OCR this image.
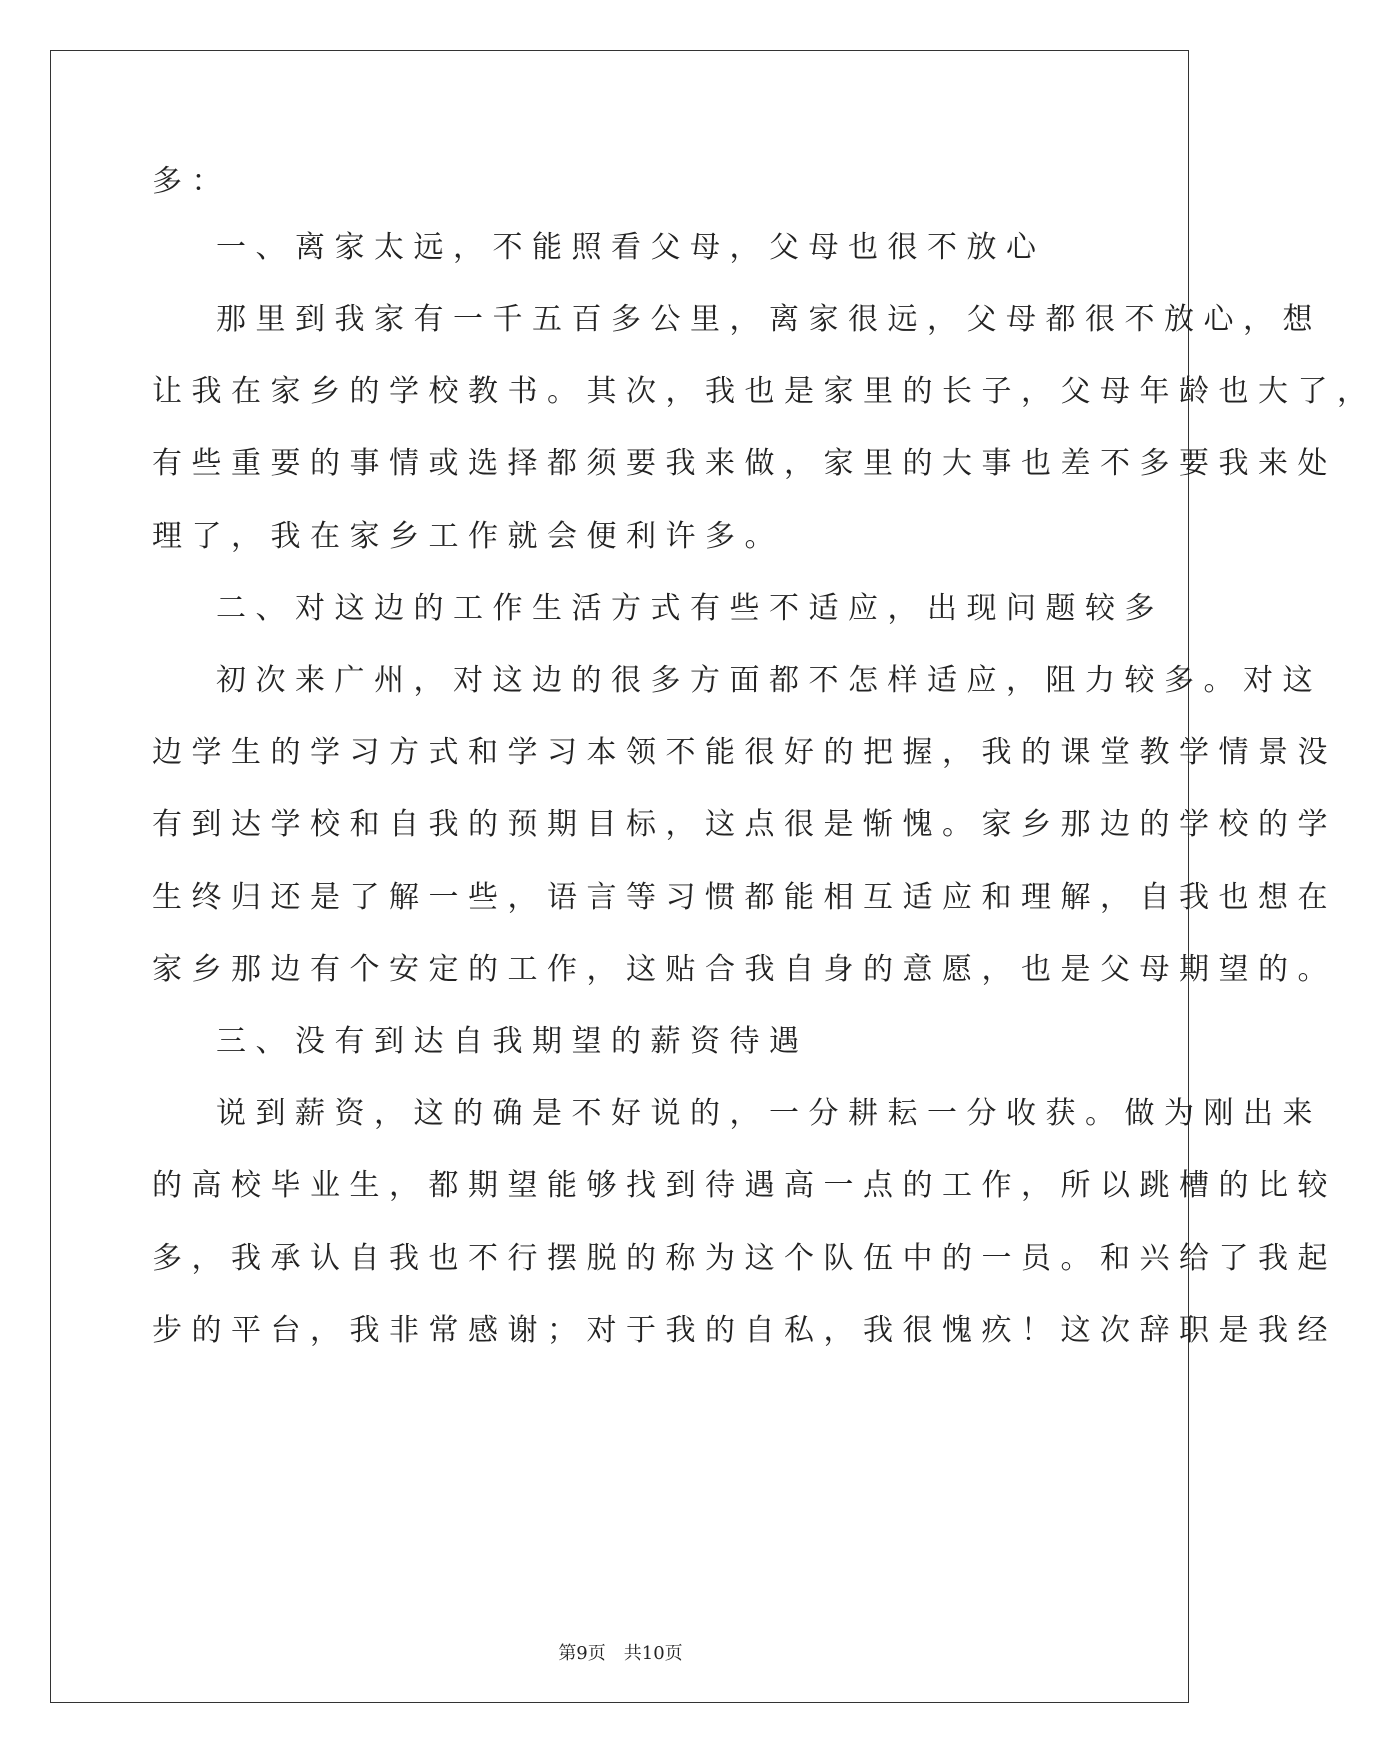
多：
一、离家太远，不能照看父母，父母也很不放心
那里到我家有一千五百多公里，离家很远，父母都很不放心，想
让我在家乡的学校教书。其次，我也是家里的长子，父母年龄也大了，
有些重要的事情或选择都须要我来做，家里的大事也差不多要我来处
理了，我在家乡工作就会便利许多。
二、对这边的工作生活方式有些不适应，出现问题较多
初次来广州，对这边的很多方面都不怎样适应，阻力较多。对这
边学生的学习方式和学习本领不能很好的把握，我的课堂教学情景没
有到达学校和自我的预期目标，这点很是惭愧。家乡那边的学校的学
生终归还是了解一些，语言等习惯都能相互适应和理解，自我也想在
家乡那边有个安定的工作，这贴合我自身的意愿，也是父母期望的。
三、没有到达自我期望的薪资待遇
说到薪资，这的确是不好说的，一分耕耘一分收获。做为刚出来
的高校毕业生，都期望能够找到待遇高一点的工作，所以跳槽的比较
多，我承认自我也不行摆脱的称为这个队伍中的一员。和兴给了我起
步的平台，我非常感谢；对于我的自私，我很愧疚！这次辞职是我经
第9页 共10页
